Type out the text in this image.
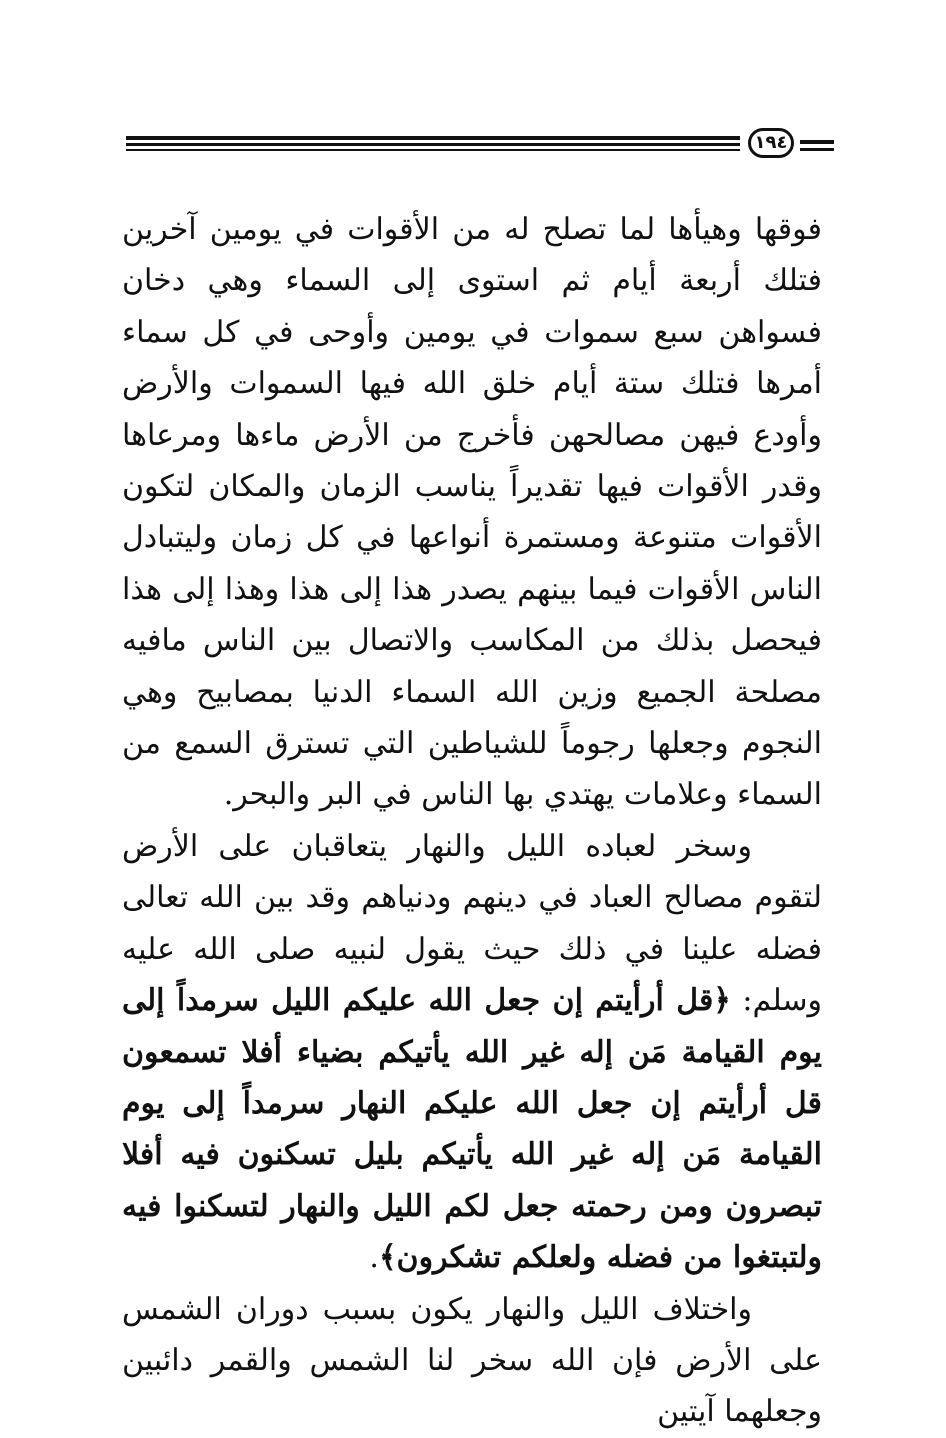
١٩٤

فوقها وهيأها لما تصلح له من الأقوات في يومين آخرين فتلك أربعة أيام ثم استوى إلى السماء وهي دخان فسواهن سبع سموات في يومين وأوحى في كل سماء أمرها فتلك ستة أيام خلق الله فيها السموات والأرض وأودع فيهن مصالحهن فأخرج من الأرض ماءها ومرعاها وقدر الأقوات فيها تقديراً يناسب الزمان والمكان لتكون الأقوات متنوعة ومستمرة أنواعها في كل زمان وليتبادل الناس الأقوات فيما بينهم يصدر هذا إلى هذا وهذا إلى هذا فيحصل بذلك من المكاسب والاتصال بين الناس مافيه مصلحة الجميع وزين الله السماء الدنيا بمصابيح وهي النجوم وجعلها رجوماً للشياطين التي تسترق السمع من السماء وعلامات يهتدي بها الناس في البر والبحر.

وسخر لعباده الليل والنهار يتعاقبان على الأرض لتقوم مصالح العباد في دينهم ودنياهم وقد بين الله تعالى فضله علينا في ذلك حيث يقول لنبيه صلى الله عليه وسلم: ﴿قل أرأيتم إن جعل الله عليكم الليل سرمداً إلى يوم القيامة مَن إله غير الله يأتيكم بضياء أفلا تسمعون قل أرأيتم إن جعل الله عليكم النهار سرمداً إلى يوم القيامة مَن إله غير الله يأتيكم بليل تسكنون فيه أفلا تبصرون ومن رحمته جعل لكم الليل والنهار لتسكنوا فيه ولتبتغوا من فضله ولعلكم تشكرون﴾.

واختلاف الليل والنهار يكون بسبب دوران الشمس على الأرض فإن الله سخر لنا الشمس والقمر دائبين وجعلهما آيتين
